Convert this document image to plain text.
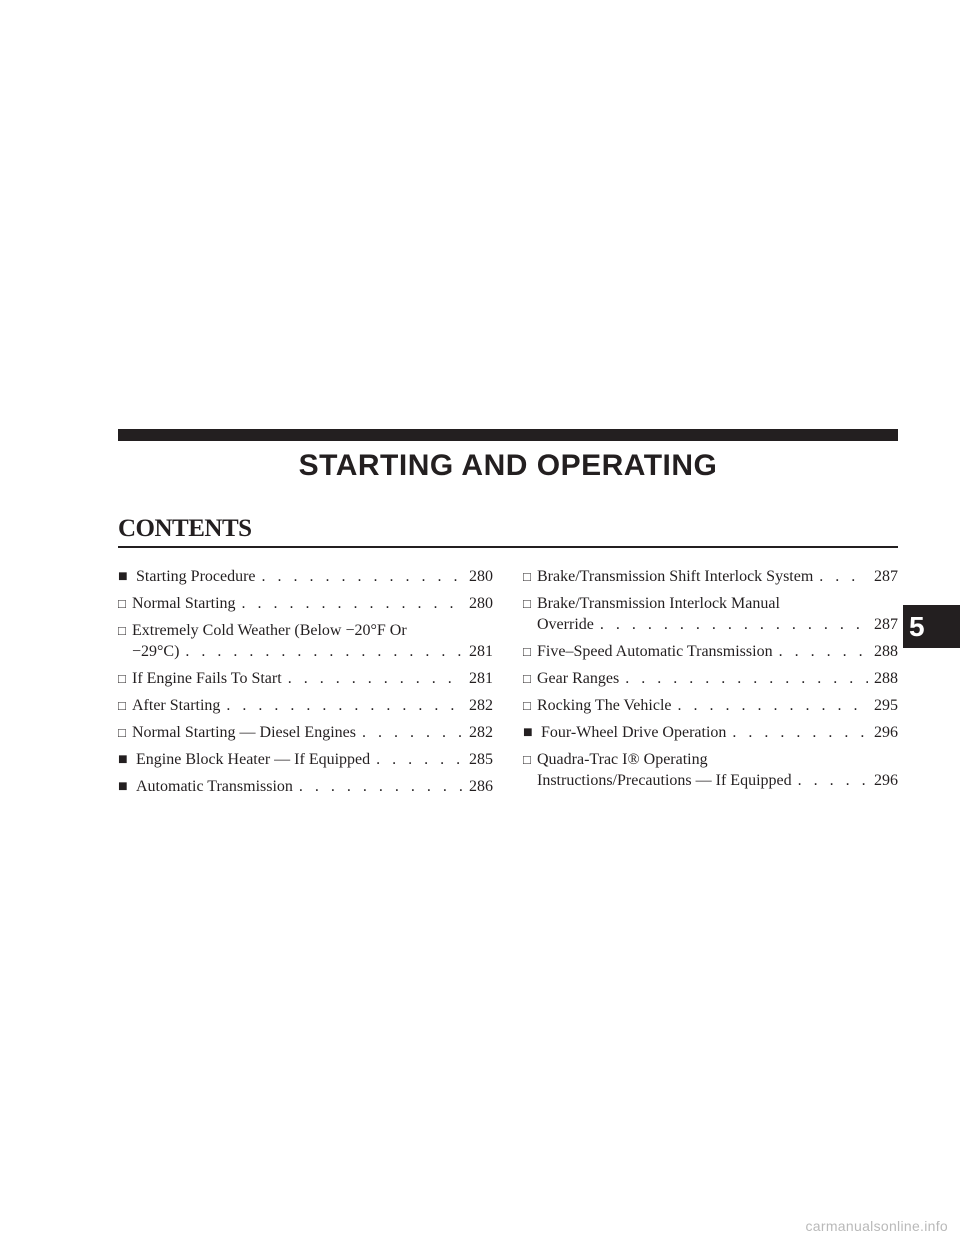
STARTING AND OPERATING
CONTENTS
■ Starting Procedure . . .	280
□ Normal Starting . . .	280
□ Extremely Cold Weather (Below −20°F Or
−29°C) . . .	281
□ If Engine Fails To Start . . .	281
□ After Starting . . .	282
□ Normal Starting — Diesel Engines . . .	282
■ Engine Block Heater — If Equipped . . .	285
■ Automatic Transmission . . .	286
□ Brake/Transmission Shift Interlock System . . .	287
□ Brake/Transmission Interlock Manual
Override . . .	287
□ Five–Speed Automatic Transmission . . .	288
□ Gear Ranges . . .	288
□ Rocking The Vehicle . . .	295
■ Four-Wheel Drive Operation . . .	296
□ Quadra-Trac I® Operating
Instructions/Precautions — If Equipped . . .	296
5
carmanualsonline.info
